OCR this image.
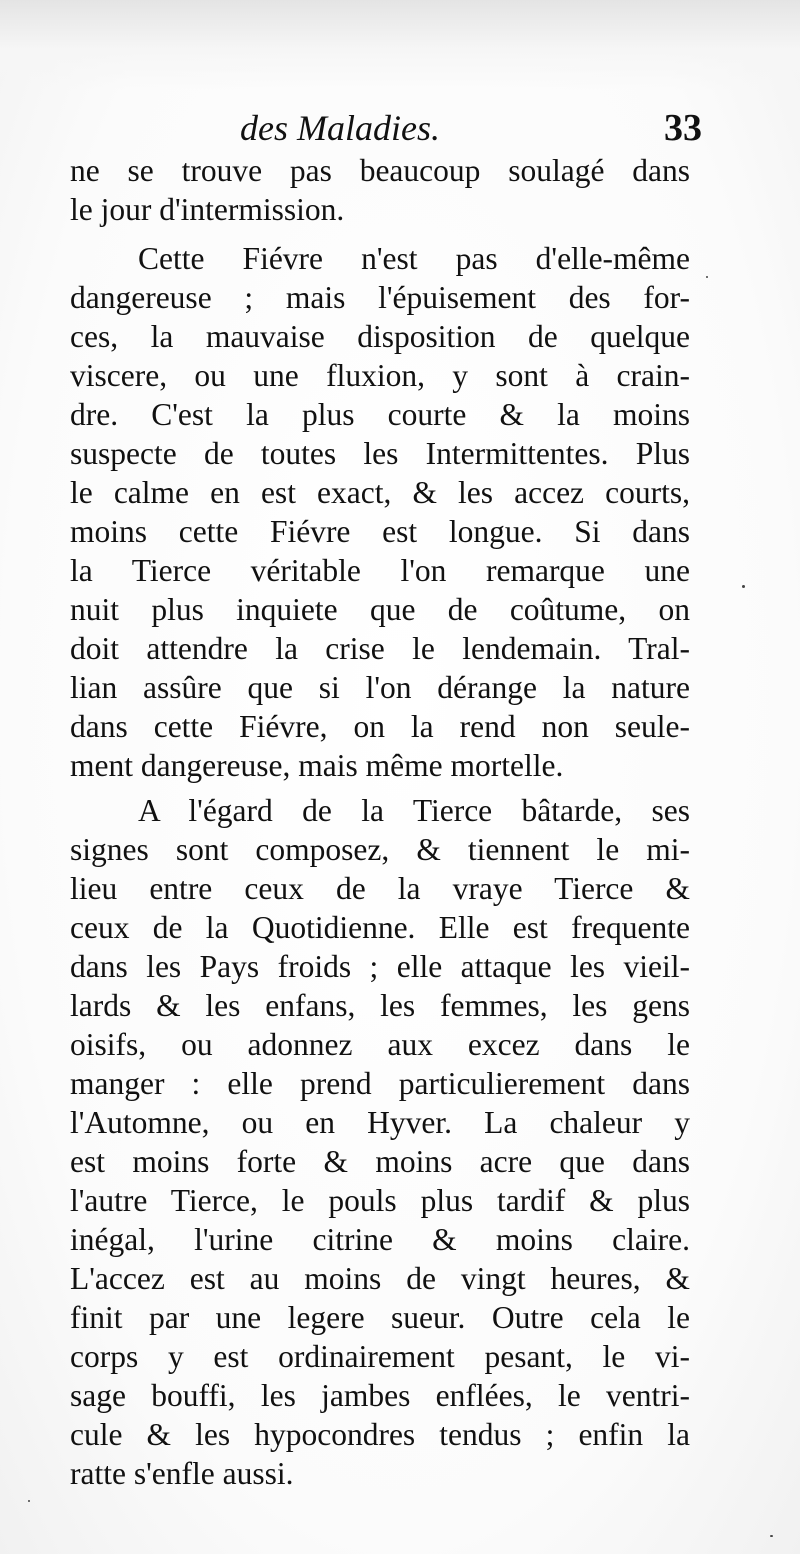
des Maladies.	33
ne se trouve pas beaucoup soulagé dans
le jour d'intermission.
Cette Fiévre n'est pas d'elle-même
dangereuse ; mais l'épuisement des for-
ces, la mauvaise disposition de quelque
viscere, ou une fluxion, y sont à crain-
dre. C'est la plus courte & la moins
suspecte de toutes les Intermittentes. Plus
le calme en est exact, & les accez courts,
moins cette Fiévre est longue. Si dans
la Tierce véritable l'on remarque une
nuit plus inquiete que de coûtume, on
doit attendre la crise le lendemain. Tral-
lian assûre que si l'on dérange la nature
dans cette Fiévre, on la rend non seule-
ment dangereuse, mais même mortelle.
A l'égard de la Tierce bâtarde, ses
signes sont composez, & tiennent le mi-
lieu entre ceux de la vraye Tierce &
ceux de la Quotidienne. Elle est frequente
dans les Pays froids ; elle attaque les vieil-
lards & les enfans, les femmes, les gens
oisifs, ou adonnez aux excez dans le
manger : elle prend particulierement dans
l'Automne, ou en Hyver. La chaleur y
est moins forte & moins acre que dans
l'autre Tierce, le pouls plus tardif & plus
inégal, l'urine citrine & moins claire.
L'accez est au moins de vingt heures, &
finit par une legere sueur. Outre cela le
corps y est ordinairement pesant, le vi-
sage bouffi, les jambes enflées, le ventri-
cule & les hypocondres tendus ; enfin la
ratte s'enfle aussi.
